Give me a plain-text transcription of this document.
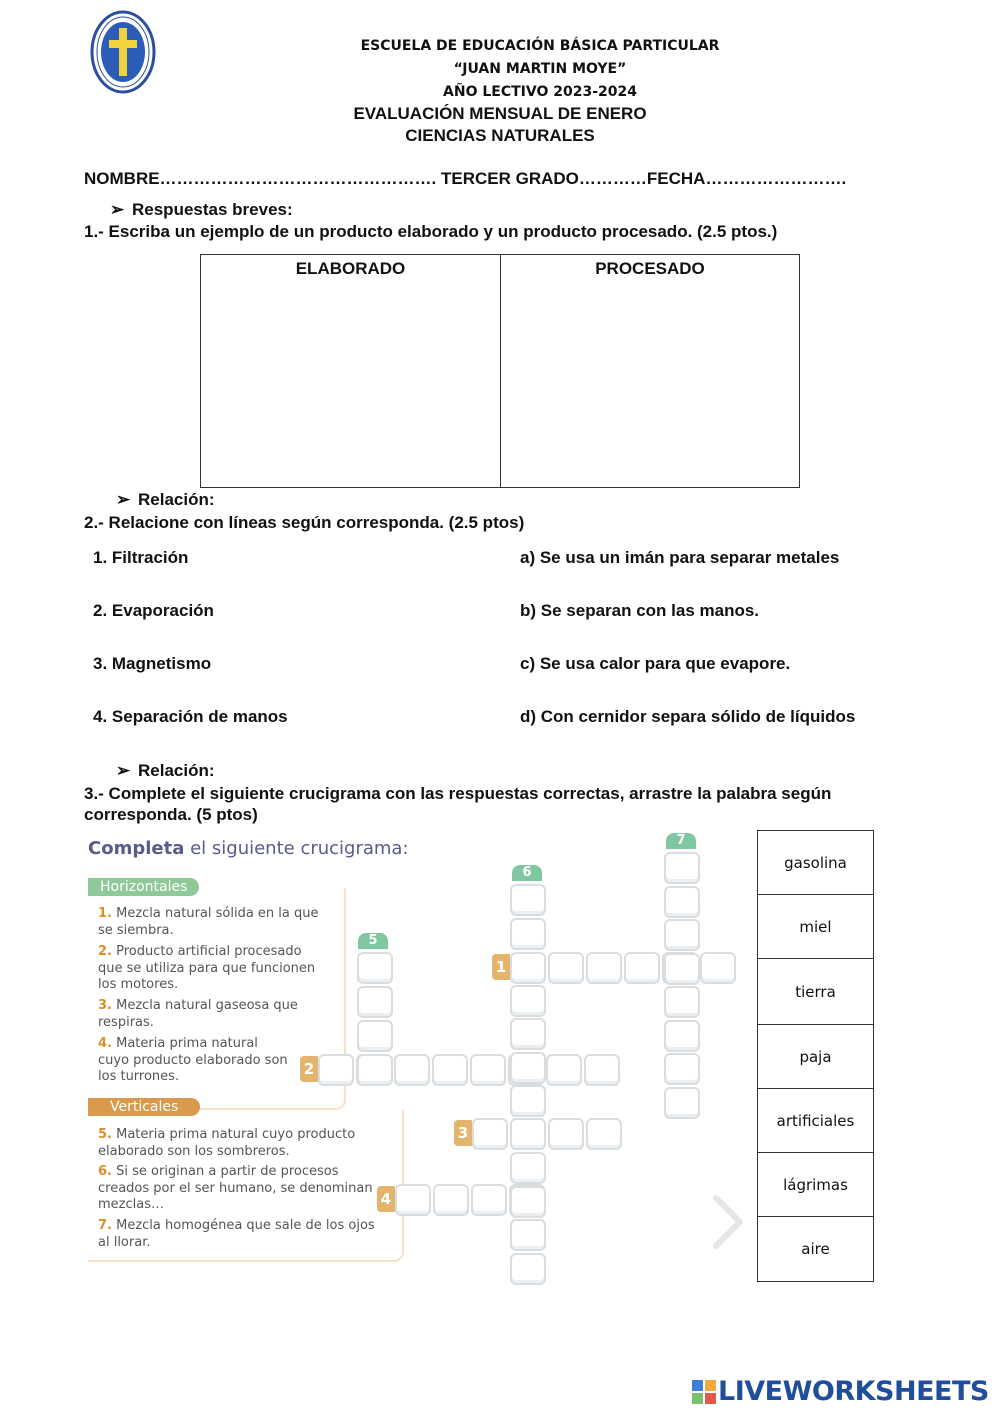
ESCUELA DE EDUCACIÓN BÁSICA PARTICULAR
“JUAN MARTIN MOYE”
AÑO LECTIVO 2023-2024
EVALUACIÓN MENSUAL DE ENERO
CIENCIAS NATURALES
NOMBRE…………………………………………. TERCER GRADO…………FECHA…………………….
➢ Respuestas breves:
1.- Escriba un ejemplo de un producto elaborado y un producto procesado. (2.5 ptos.)
ELABORADO	PROCESADO
➢ Relación:
2.- Relacione con líneas según corresponda. (2.5 ptos)
1. Filtración
2. Evaporación
3. Magnetismo
4. Separación de manos
a) Se usa un imán para separar metales
b) Se separan con las manos.
c) Se usa calor para que evapore.
d) Con cernidor separa sólido de líquidos
➢ Relación:
3.- Complete el siguiente crucigrama con las respuestas correctas, arrastre la palabra según corresponda. (5 ptos)
Completa el siguiente crucigrama:
Horizontales
1. Mezcla natural sólida en la que se siembra.
2. Producto artificial procesado que se utiliza para que funcionen los motores.
3. Mezcla natural gaseosa que respiras.
4. Materia prima natural cuyo producto elaborado son los turrones.
Verticales
5. Materia prima natural cuyo producto elaborado son los sombreros.
6. Si se originan a partir de procesos creados por el ser humano, se denominan mezclas…
7. Mezcla homogénea que sale de los ojos al llorar.
7
6
5
1
2
3
4
gasolina
miel
tierra
paja
artificiales
lágrimas
aire
LIVEWORKSHEETS
